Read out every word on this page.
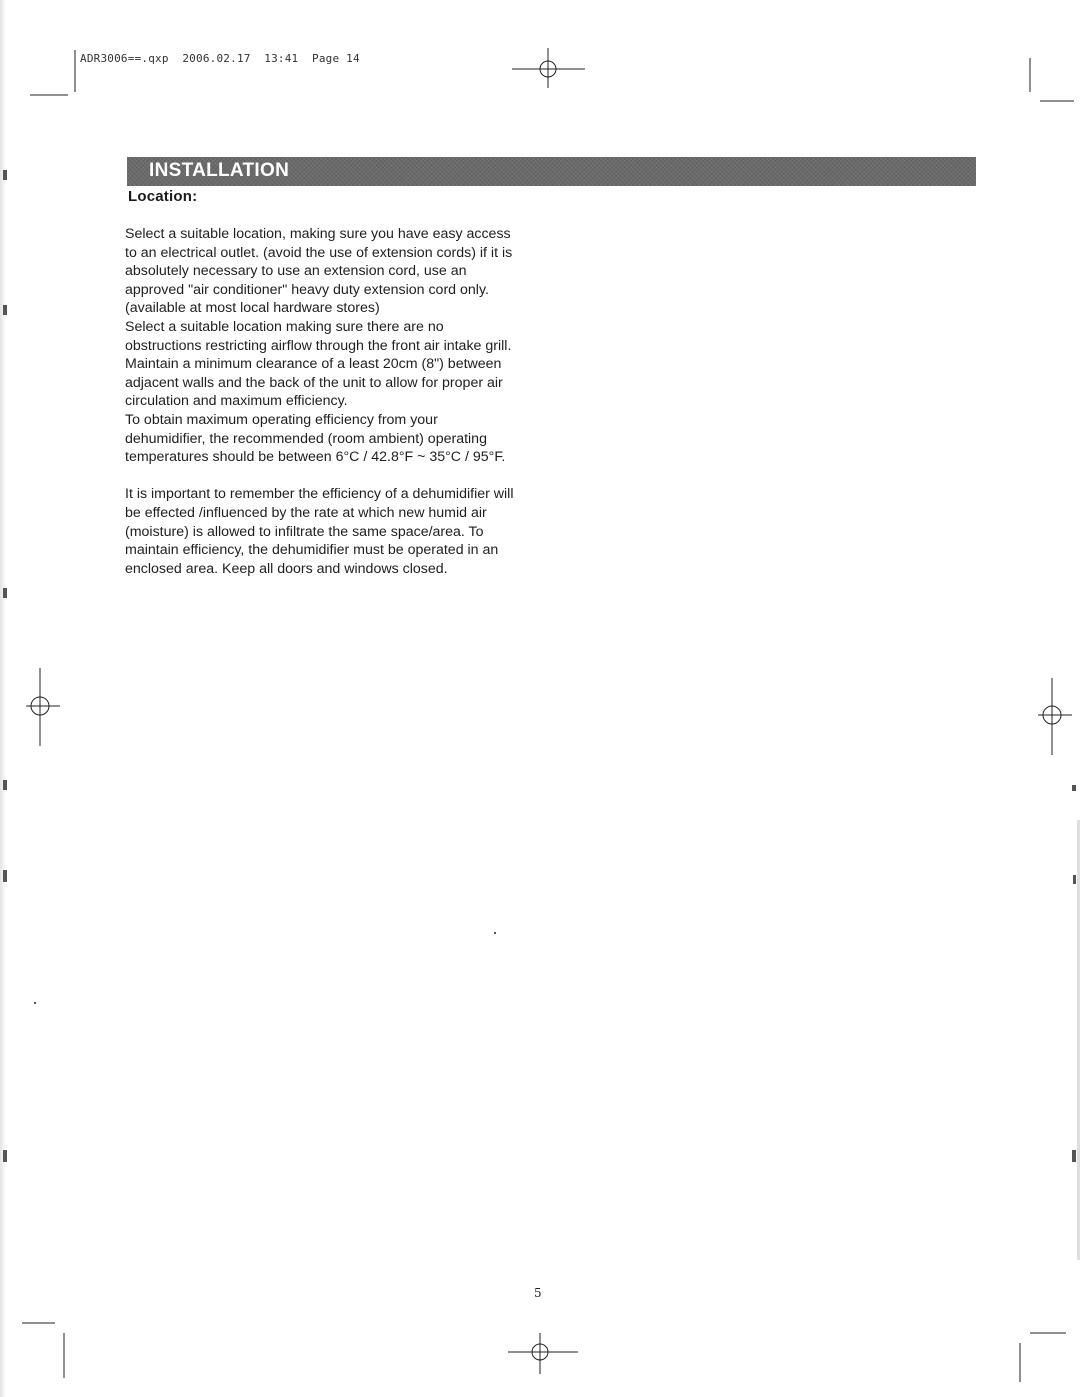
ADR3006==.qxp 2006.02.17 13:41 Page 14
INSTALLATION
Location:

Select a suitable location, making sure you have easy access to an electrical outlet. (avoid the use of extension cords) if it is absolutely necessary to use an extension cord, use an approved "air conditioner" heavy duty extension cord only. (available at most local hardware stores)

Select a suitable location making sure there are no obstructions restricting airflow through the front air intake grill. Maintain a minimum clearance of a least 20cm (8") between adjacent walls and the back of the unit to allow for proper air circulation and maximum efficiency.

To obtain maximum operating efficiency from your dehumidifier, the recommended (room ambient) operating temperatures should be between 6°C / 42.8°F ~ 35°C / 95°F.

It is important to remember the efficiency of a dehumidifier will be effected /influenced by the rate at which new humid air (moisture) is allowed to infiltrate the same space/area. To maintain efficiency, the dehumidifier must be operated in an enclosed area. Keep all doors and windows closed.

5
